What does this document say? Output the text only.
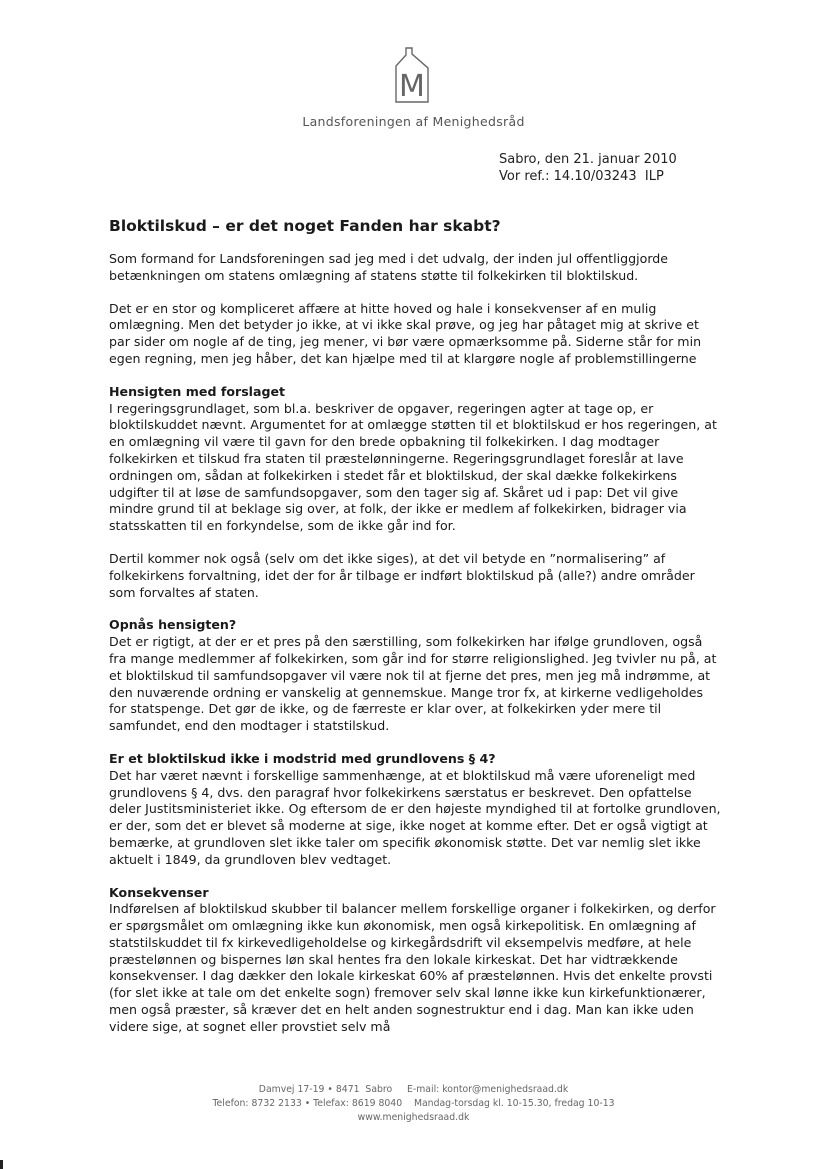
M
Landsforeningen af Menighedsråd
Sabro, den 21. januar 2010
Vor ref.: 14.10/03243  ILP
Bloktilskud – er det noget Fanden har skabt?

Som formand for Landsforeningen sad jeg med i det udvalg, der inden jul offentliggjorde betænkningen om statens omlægning af statens støtte til folkekirken til bloktilskud.

Det er en stor og kompliceret affære at hitte hoved og hale i konsekvenser af en mulig omlægning. Men det betyder jo ikke, at vi ikke skal prøve, og jeg har påtaget mig at skrive et par sider om nogle af de ting, jeg mener, vi bør være opmærksomme på. Siderne står for min egen regning, men jeg håber, det kan hjælpe med til at klargøre nogle af problemstillingerne

Hensigten med forslaget

I regeringsgrundlaget, som bl.a. beskriver de opgaver, regeringen agter at tage op, er bloktilskuddet nævnt. Argumentet for at omlægge støtten til et bloktilskud er hos regeringen, at en omlægning vil være til gavn for den brede opbakning til folkekirken. I dag modtager folkekirken et tilskud fra staten til præstelønningerne. Regeringsgrundlaget foreslår at lave ordningen om, sådan at folkekirken i stedet får et bloktilskud, der skal dække folkekirkens udgifter til at løse de samfundsopgaver, som den tager sig af. Skåret ud i pap: Det vil give mindre grund til at beklage sig over, at folk, der ikke er medlem af folkekirken, bidrager via statsskatten til en forkyndelse, som de ikke går ind for.

Dertil kommer nok også (selv om det ikke siges), at det vil betyde en ”normalisering” af folkekirkens forvaltning, idet der for år tilbage er indført bloktilskud på (alle?) andre områder som forvaltes af staten.

Opnås hensigten?

Det er rigtigt, at der er et pres på den særstilling, som folkekirken har ifølge grundloven, også fra mange medlemmer af folkekirken, som går ind for større religionslighed. Jeg tvivler nu på, at et bloktilskud til samfundsopgaver vil være nok til at fjerne det pres, men jeg må indrømme, at den nuværende ordning er vanskelig at gennemskue. Mange tror fx, at kirkerne vedligeholdes for statspenge. Det gør de ikke, og de færreste er klar over, at folkekirken yder mere til samfundet, end den modtager i statstilskud.

Er et bloktilskud ikke i modstrid med grundlovens § 4?

Det har været nævnt i forskellige sammenhænge, at et bloktilskud må være uforeneligt med grundlovens § 4, dvs. den paragraf hvor folkekirkens særstatus er beskrevet. Den opfattelse deler Justitsministeriet ikke. Og eftersom de er den højeste myndighed til at fortolke grundloven, er der, som det er blevet så moderne at sige, ikke noget at komme efter. Det er også vigtigt at bemærke, at grundloven slet ikke taler om specifik økonomisk støtte. Det var nemlig slet ikke aktuelt i 1849, da grundloven blev vedtaget.

Konsekvenser

Indførelsen af bloktilskud skubber til balancer mellem forskellige organer i folkekirken, og derfor er spørgsmålet om omlægning ikke kun økonomisk, men også kirkepolitisk. En omlægning af statstilskuddet til fx kirkevedligeholdelse og kirkegårdsdrift vil eksempelvis medføre, at hele præstelønnen og bispernes løn skal hentes fra den lokale kirkeskat. Det har vidtrækkende konsekvenser. I dag dækker den lokale kirkeskat 60% af præstelønnen. Hvis det enkelte provsti (for slet ikke at tale om det enkelte sogn) fremover selv skal lønne ikke kun kirkefunktionærer, men også præster, så kræver det en helt anden sognestruktur end i dag. Man kan ikke uden videre sige, at sognet eller provstiet selv må

Damvej 17-19 • 8471  Sabro     E-mail: kontor@menighedsraad.dk
Telefon: 8732 2133 • Telefax: 8619 8040    Mandag-torsdag kl. 10-15.30, fredag 10-13
www.menighedsraad.dk
